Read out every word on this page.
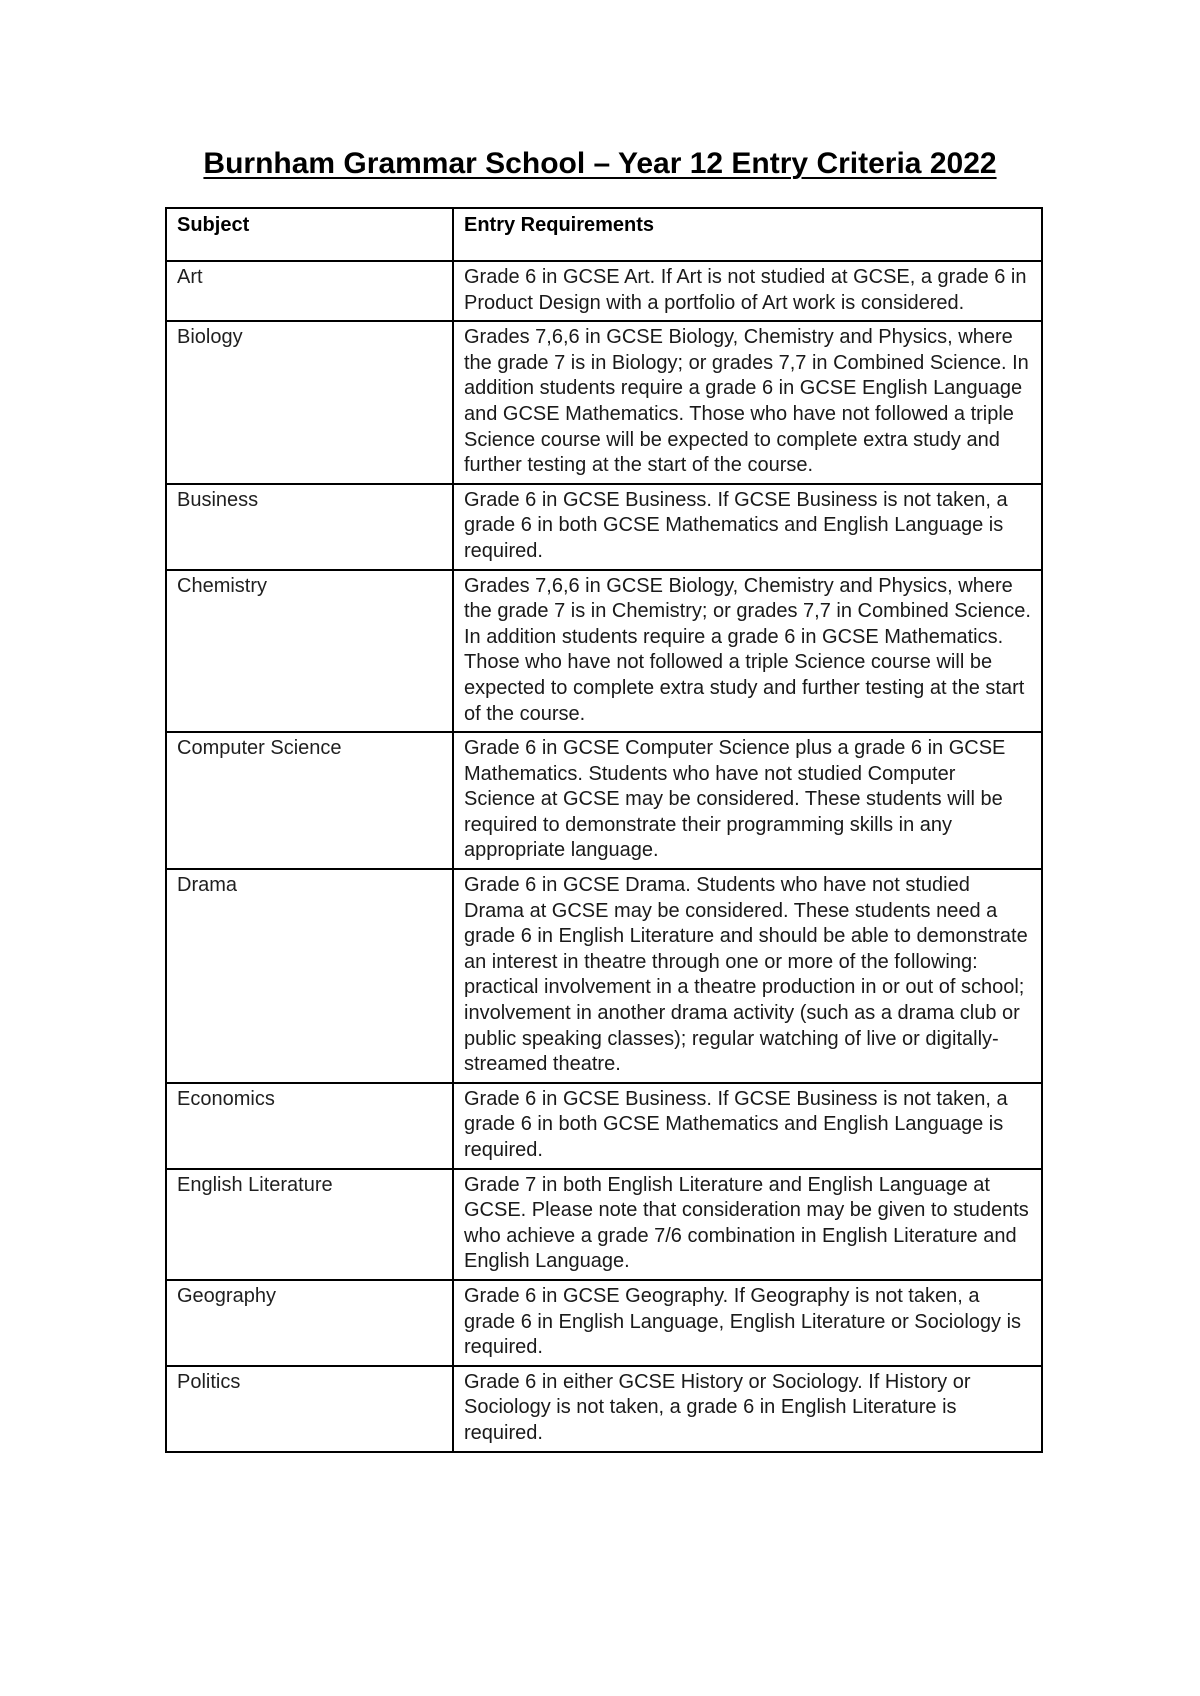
Burnham Grammar School – Year 12 Entry Criteria 2022
Subject	Entry Requirements
Art	Grade 6 in GCSE Art. If Art is not studied at GCSE, a grade 6 in Product Design with a portfolio of Art work is considered.
Biology	Grades 7,6,6 in GCSE Biology, Chemistry and Physics, where the grade 7 is in Biology; or grades 7,7 in Combined Science. In addition students require a grade 6 in GCSE English Language and GCSE Mathematics. Those who have not followed a triple Science course will be expected to complete extra study and further testing at the start of the course.
Business	Grade 6 in GCSE Business. If GCSE Business is not taken, a grade 6 in both GCSE Mathematics and English Language is required.
Chemistry	Grades 7,6,6 in GCSE Biology, Chemistry and Physics, where the grade 7 is in Chemistry; or grades 7,7 in Combined Science. In addition students require a grade 6 in GCSE Mathematics. Those who have not followed a triple Science course will be expected to complete extra study and further testing at the start of the course.
Computer Science	Grade 6 in GCSE Computer Science plus a grade 6 in GCSE Mathematics. Students who have not studied Computer Science at GCSE may be considered. These students will be required to demonstrate their programming skills in any appropriate language.
Drama	Grade 6 in GCSE Drama. Students who have not studied Drama at GCSE may be considered. These students need a grade 6 in English Literature and should be able to demonstrate an interest in theatre through one or more of the following: practical involvement in a theatre production in or out of school; involvement in another drama activity (such as a drama club or public speaking classes); regular watching of live or digitally-streamed theatre.
Economics	Grade 6 in GCSE Business. If GCSE Business is not taken, a grade 6 in both GCSE Mathematics and English Language is required.
English Literature	Grade 7 in both English Literature and English Language at GCSE. Please note that consideration may be given to students who achieve a grade 7/6 combination in English Literature and English Language.
Geography	Grade 6 in GCSE Geography. If Geography is not taken, a grade 6 in English Language, English Literature or Sociology is required.
Politics	Grade 6 in either GCSE History or Sociology. If History or Sociology is not taken, a grade 6 in English Literature is required.
